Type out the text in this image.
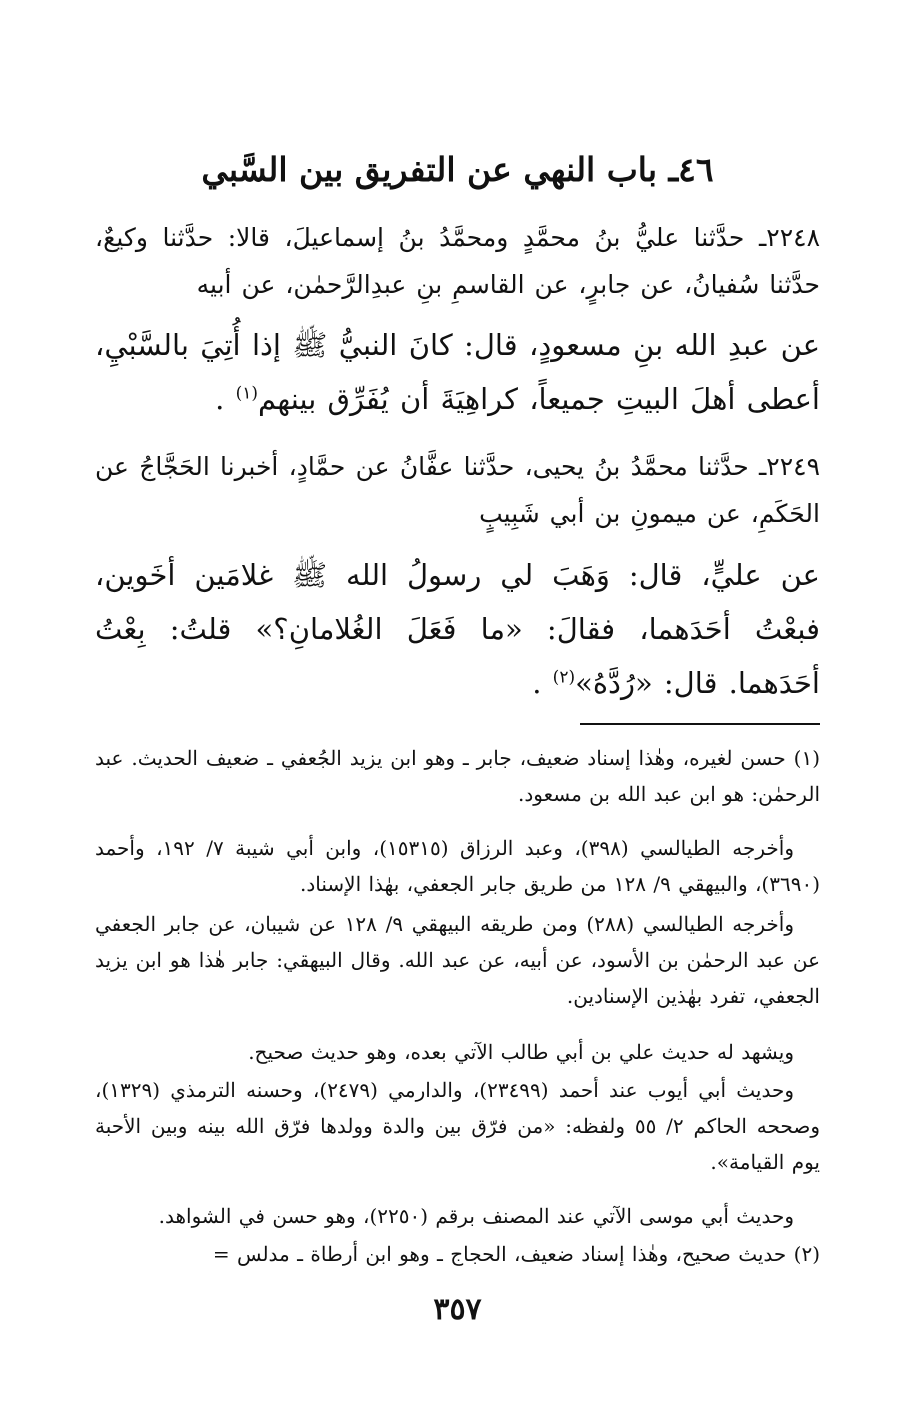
٤٦ـ باب النهي عن التفريق بين السَّبي

٢٢٤٨ـ حدَّثنا عليُّ بنُ محمَّدٍ ومحمَّدُ بنُ إسماعيلَ، قالا: حدَّثنا وكيعٌ، حدَّثنا سُفيانُ، عن جابرٍ، عن القاسمِ بنِ عبدِالرَّحمٰن، عن أبيه

عن عبدِ الله بنِ مسعودٍ، قال: كانَ النبيُّ ﷺ إذا أُتِيَ بالسَّبْيِ، أعطى أهلَ البيتِ جميعاً، كراهِيَةَ أن يُفَرِّق بينهم$^{(١)}$ .

٢٢٤٩ـ حدَّثنا محمَّدُ بنُ يحيى، حدَّثنا عفَّانُ عن حمَّادٍ، أخبرنا الحَجَّاجُ عن الحَكَمِ، عن ميمونِ بن أبي شَبِيبٍ

عن عليٍّ، قال: وَهَبَ لي رسولُ الله ﷺ غلامَين أخَوين، فبعْتُ أحَدَهما، فقالَ: «ما فَعَلَ الغُلامانِ؟» قلتُ: بِعْتُ أحَدَهما. قال: «رُدَّهُ»$^{(٢)}$ .

(١) حسن لغيره، وهٰذا إسناد ضعيف، جابر ـ وهو ابن يزيد الجُعفي ـ ضعيف الحديث. عبد الرحمٰن: هو ابن عبد الله بن مسعود.

وأخرجه الطيالسي (٣٩٨)، وعبد الرزاق (١٥٣١٥)، وابن أبي شيبة ٧/ ١٩٢، وأحمد (٣٦٩٠)، والبيهقي ٩/ ١٢٨ من طريق جابر الجعفي، بهٰذا الإسناد.

وأخرجه الطيالسي (٢٨٨) ومن طريقه البيهقي ٩/ ١٢٨ عن شيبان، عن جابر الجعفي عن عبد الرحمٰن بن الأسود، عن أبيه، عن عبد الله. وقال البيهقي: جابر هٰذا هو ابن يزيد الجعفي، تفرد بهٰذين الإسنادين.

ويشهد له حديث علي بن أبي طالب الآتي بعده، وهو حديث صحيح.

وحديث أبي أيوب عند أحمد (٢٣٤٩٩)، والدارمي (٢٤٧٩)، وحسنه الترمذي (١٣٢٩)، وصححه الحاكم ٢/ ٥٥ ولفظه: «من فرّق بين والدة وولدها فرّق الله بينه وبين الأحبة يوم القيامة».

وحديث أبي موسى الآتي عند المصنف برقم (٢٢٥٠)، وهو حسن في الشواهد.

(٢) حديث صحيح، وهٰذا إسناد ضعيف، الحجاج ـ وهو ابن أرطاة ـ مدلس =

٣٥٧
